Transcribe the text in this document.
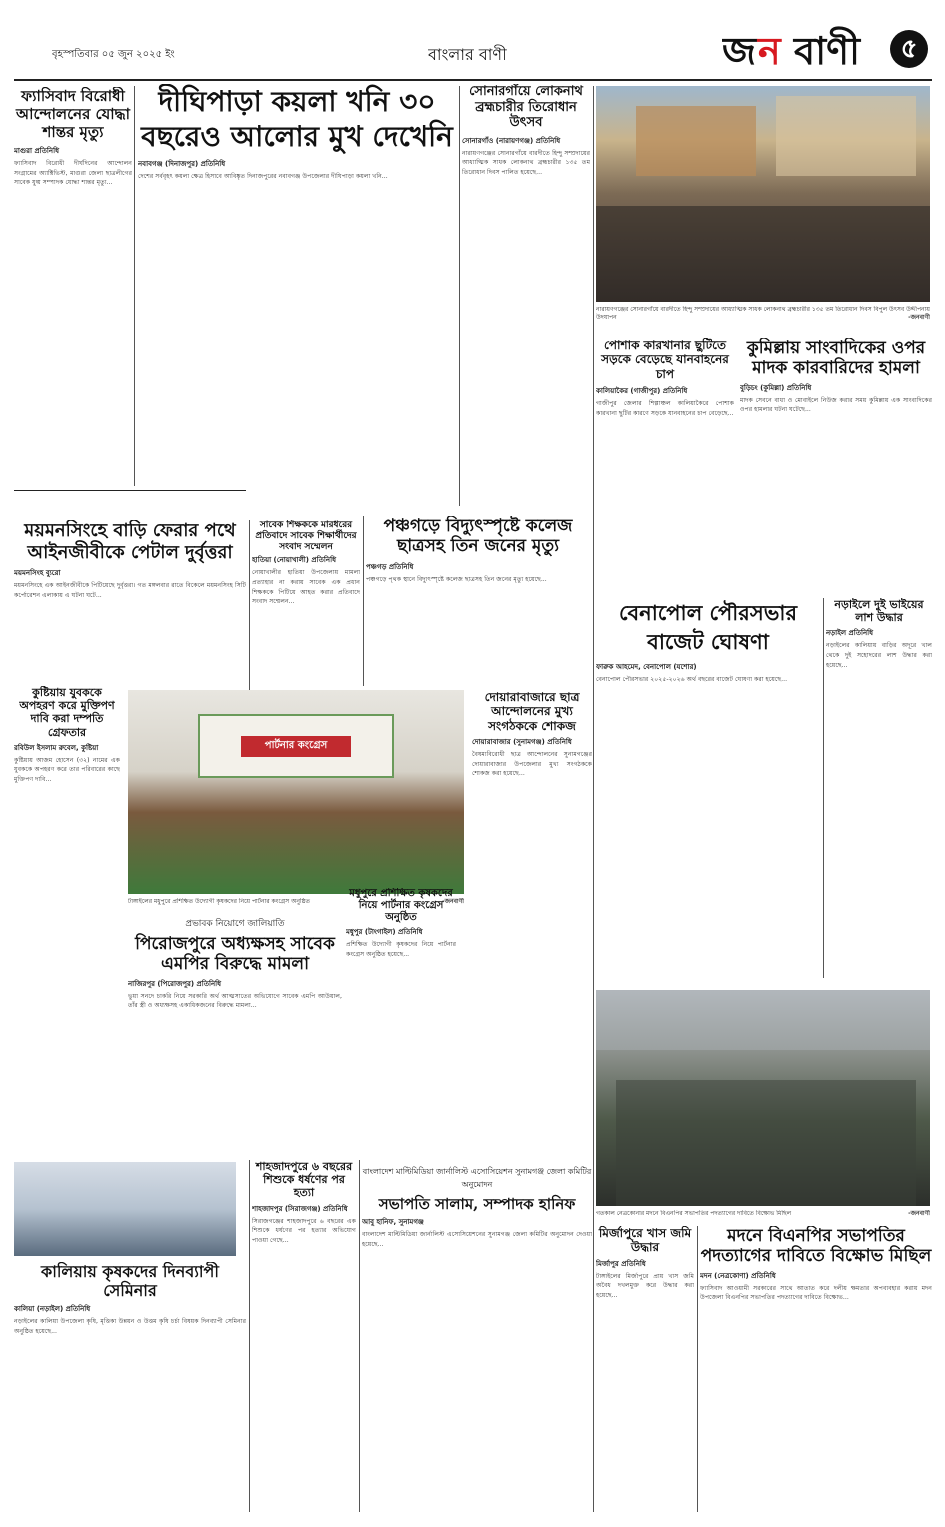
বৃহস্পতিবার ০৫ জুন ২০২৫ ইং	বাংলার বাণী	জ ন বাণী	৫
ফ্যাসিবাদ বিরোধী আন্দোলনের যোদ্ধা শান্তর মৃত্যু
মাগুরা প্রতিনিধি
ফ্যাসিবাদ বিরোধী দীর্ঘদিনের আন্দোলন সংগ্রামের অ্যাক্টিভিস্ট, মাগুরা জেলা ছাত্রলীগের সাবেক যুগ্ম সম্পাদক যোদ্ধা শান্তর মৃত্যু...
দীঘিপাড়া কয়লা খনি ৩০ বছরেও আলোর মুখ দেখেনি
নবাবগঞ্জ (দিনাজপুর) প্রতিনিধি
দেশের সর্ববৃহৎ কয়লা ক্ষেত্র হিসাবে আবিষ্কৃত দিনাজপুরের নবাবগঞ্জ উপজেলার দীঘিপাড়া কয়লা খনি...
সোনারগাঁয়ে লোকনাথ ব্রহ্মচারীর তিরোধান উৎসব
সোনারগাঁও (নারায়ণগঞ্জ) প্রতিনিধি
নারায়ণগঞ্জের সোনারগাঁয়ে বারদীতে হিন্দু সম্প্রদায়ের আধ্যাত্মিক সাধক লোকনাথ ব্রহ্মচারীর ১৩৫ তম তিরোধান দিবস পালিত হয়েছে...
নারায়ণগঞ্জের সোনারগাঁয়ে বারদীতে হিন্দু সম্প্রদায়ের আধ্যাত্মিক সাধক লোকনাথ ব্রহ্মচারীর ১৩৫ তম তিরোধান দিবস বিপুল উৎসব উদ্দীপনায় উদযাপন	-জনবাণী
পোশাক কারখানার ছুটিতে সড়কে বেড়েছে যানবাহনের চাপ
কালিয়াকৈর (গাজীপুর) প্রতিনিধি
গাজীপুর জেলার শিল্পাঞ্চল কালিয়াকৈরে পোশাক কারখানা ছুটির কারণে সড়কে যানবাহনের চাপ বেড়েছে...
কুমিল্লায় সাংবাদিকের ওপর মাদক কারবারিদের হামলা
বুড়িচং (কুমিল্লা) প্রতিনিধি
মাদক সেবনে বাধা ও মোবাইলে নিউজ করার সময় কুমিল্লায় এক সাংবাদিকের ওপর হামলার ঘটনা ঘটেছে...
ময়মনসিংহে বাড়ি ফেরার পথে আইনজীবীকে পেটাল দুর্বৃত্তরা
ময়মনসিংহ ব্যুরো
ময়মনসিংহে এক আইনজীবীকে পিটিয়েছে দুর্বৃত্তরা। গত মঙ্গলবার রাতে বিকেলে ময়মনসিংহ সিটি কর্পোরেশন এলাকায় এ ঘটনা ঘটে...
সাবেক শিক্ষককে মারধরের প্রতিবাদে সাবেক শিক্ষার্থীদের সংবাদ সম্মেলন
হাতিয়া (নোয়াখালী) প্রতিনিধি
নোয়াখালীর হাতিয়া উপজেলায় মামলা প্রত্যাহার না করায় সাবেক এক প্রধান শিক্ষককে পিটিয়ে আহত করার প্রতিবাদে সংবাদ সম্মেলন...
পঞ্চগড়ে বিদ্যুৎস্পৃষ্টে কলেজ ছাত্রসহ তিন জনের মৃত্যু
পঞ্চগড় প্রতিনিধি
পঞ্চগড়ে পৃথক স্থানে বিদ্যুৎস্পৃষ্টে কলেজ ছাত্রসহ তিন জনের মৃত্যু হয়েছে...
বেনাপোল পৌরসভার বাজেট ঘোষণা
ফারুক আহমেদ, বেনাপোল (যশোর)
বেনাপোল পৌরসভার ২০২৫-২০২৬ অর্থ বছরের বাজেট ঘোষণা করা হয়েছে...
নড়াইলে দুই ভাইয়ের লাশ উদ্ধার
নড়াইল প্রতিনিধি
নড়াইলের কালিয়ায় বাড়ির অদূরে খাল থেকে দুই সহোদরের লাশ উদ্ধার করা হয়েছে...
কুষ্টিয়ায় যুবককে অপহরণ করে মুক্তিপণ দাবি করা দম্পতি গ্রেফতার
রবিউল ইসলাম রুবেল, কুষ্টিয়া
কুষ্টিয়ায় আজম হোসেন (৩২) নামের এক যুবককে অপহরণ করে তার পরিবারের কাছে মুক্তিপণ দাবি...
পার্টনার কংগ্রেস
টাঙ্গাইলের মধুপুরে প্রশিক্ষিত উদ্যোগী কৃষকদের নিয়ে পার্টনার কংগ্রেস অনুষ্ঠিত	-জনবাণী
দোয়ারাবাজারে ছাত্র আন্দোলনের মুখ্য সংগঠককে শোকজ
দোয়ারাবাজার (সুনামগঞ্জ) প্রতিনিধি
বৈষম্যবিরোধী ছাত্র আন্দোলনের সুনামগঞ্জের দোয়ারাবাজার উপজেলার মুখ্য সংগঠককে শোকজ করা হয়েছে...
প্রভাবক নিয়োগে জালিয়াতি
পিরোজপুরে অধ্যক্ষসহ সাবেক এমপির বিরুদ্ধে মামলা
নাজিরপুর (পিরোজপুর) প্রতিনিধি
ভুয়া সনদে চাকরি নিয়ে সরকারি অর্থ আত্মসাতের অভিযোগে সাবেক এমপি আউয়াল, তাঁর স্ত্রী ও অধ্যক্ষসহ একাধিকজনের বিরুদ্ধে মামলা...
মধুপুরে প্রশিক্ষিত কৃষকদের নিয়ে পার্টনার কংগ্রেস অনুষ্ঠিত
মধুপুর (টাংগাইল) প্রতিনিধি
প্রশিক্ষিত উদ্যোগী কৃষকদের নিয়ে পার্টনার কংগ্রেস অনুষ্ঠিত হয়েছে...
গতকাল নেত্রকোনার মদনে বিএনপির সভাপতির পদত্যাগের দাবিতে বিক্ষোভ মিছিল	-জনবাণী
কালিয়ায় কৃষকদের দিনব্যাপী সেমিনার
কালিয়া (নড়াইল) প্রতিনিধি
নড়াইলের কালিয়া উপজেলা কৃষি, মৃত্তিকা উন্নয়ন ও উত্তম কৃষি চর্চা বিষয়ক দিনব্যাপী সেমিনার অনুষ্ঠিত হয়েছে...
শাহজাদপুরে ৬ বছরের শিশুকে ধর্ষণের পর হত্যা
শাহজাদপুর (সিরাজগঞ্জ) প্রতিনিধি
সিরাজগঞ্জের শাহজাদপুরে ৬ বছরের এক শিশুকে ধর্ষণের পর হত্যার অভিযোগ পাওয়া গেছে...
বাংলাদেশ মাল্টিমিডিয়া জার্নালিস্ট এসোসিয়েশন সুনামগঞ্জ জেলা কমিটির অনুমোদন
সভাপতি সালাম, সম্পাদক হানিফ
আবু হানিফ, সুনামগঞ্জ
বাংলাদেশ মাল্টিমিডিয়া জার্নালিস্ট এসোসিয়েশনের সুনামগঞ্জ জেলা কমিটির অনুমোদন দেওয়া হয়েছে...
মির্জাপুরে খাস জমি উদ্ধার
মির্জাপুর প্রতিনিধি
টাঙ্গাইলের মির্জাপুরে প্রায় খাস জমি অবৈধ দখলমুক্ত করে উদ্ধার করা হয়েছে...
মদনে বিএনপির সভাপতির পদত্যাগের দাবিতে বিক্ষোভ মিছিল
মদন (নেত্রকোণা) প্রতিনিধি
ফ্যাসিবাদ আওয়ামী সরকারের সাথে আতাত করে দলীয় ক্ষমতার অপব্যবহার করায় মদন উপজেলা বিএনপির সভাপতির পদত্যাগের দাবিতে বিক্ষোভ...
